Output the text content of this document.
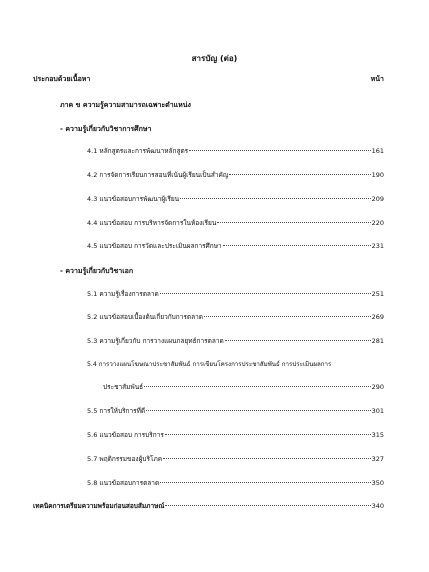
สารบัญ (ต่อ)
ประกอบด้วยเนื้อหา	หน้า
ภาค ข ความรู้ความสามารถเฉพาะตำแหน่ง
- ความรู้เกี่ยวกับวิชาการศึกษา
4.1 หลักสูตรและการพัฒนาหลักสูตร	161
4.2 การจัดการเรียนการสอนที่เน้นผู้เรียนเป็นสำคัญ	190
4.3 แนวข้อสอบการพัฒนาผู้เรียน	209
4.4 แนวข้อสอบ การบริหารจัดการในห้องเรียน	220
4.5 แนวข้อสอบ การวัดและประเมินผลการศึกษา	231
- ความรู้เกี่ยวกับวิชาเอก
5.1 ความรู้เรื่องการตลาด	251
5.2 แนวข้อสอบเบื้องต้นเกี่ยวกับการตลาด	269
5.3 ความรู้เกี่ยวกับ การวางแผนกลยุทธ์การตลาด	281
5.4 การวางแผนโฆษณาประชาสัมพันธ์ การเขียนโครงการประชาสัมพันธ์ การประเมินผลการ
ประชาสัมพันธ์	290
5.5 การให้บริการที่ดี	301
5.6 แนวข้อสอบ การบริการ	315
5.7 พฤติกรรมของผู้บริโภค	327
5.8 แนวข้อสอบการตลาด	350
เทคนิคการเตรียมความพร้อมก่อนสอบสัมภาษณ์	340
